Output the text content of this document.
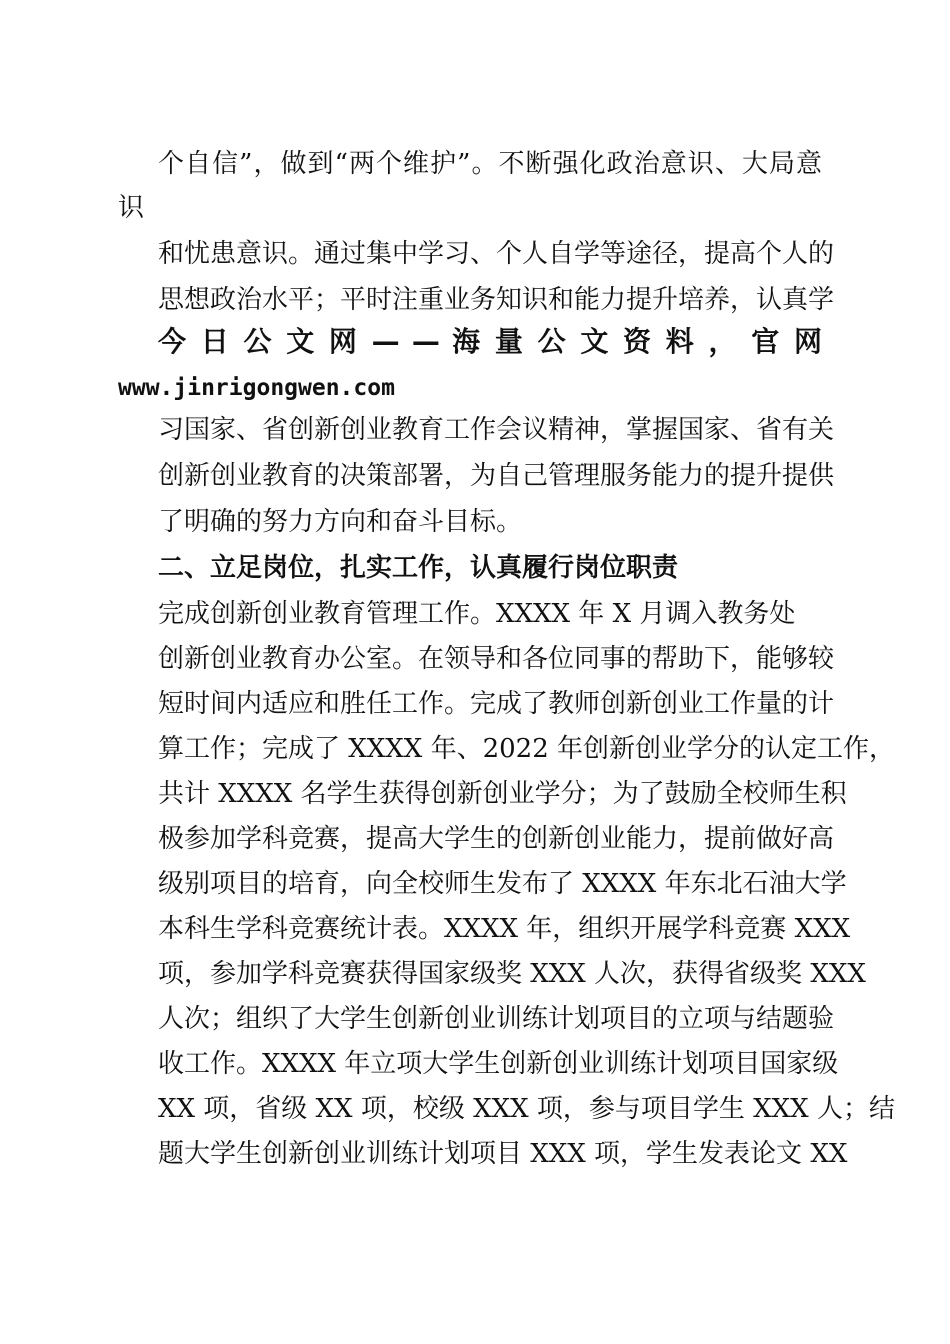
个自信”，做到“两个维护”。不断强化政治意识、大局意
识
和忧患意识。通过集中学习、个人自学等途径，提高个人的
思想政治水平；平时注重业务知识和能力提升培养，认真学
今 日 公 文 网 — — 海 量 公 文 资 料 ， 官 网
www.jinrigongwen.com
习国家、省创新创业教育工作会议精神，掌握国家、省有关
创新创业教育的决策部署，为自己管理服务能力的提升提供
了明确的努力方向和奋斗目标。
二、立足岗位，扎实工作，认真履行岗位职责
完成创新创业教育管理工作。XXXX 年 X 月调入教务处
创新创业教育办公室。在领导和各位同事的帮助下，能够较
短时间内适应和胜任工作。完成了教师创新创业工作量的计
算工作；完成了 XXXX 年、2022 年创新创业学分的认定工作，
共计 XXXX 名学生获得创新创业学分；为了鼓励全校师生积
极参加学科竞赛，提高大学生的创新创业能力，提前做好高
级别项目的培育，向全校师生发布了 XXXX 年东北石油大学
本科生学科竞赛统计表。XXXX 年，组织开展学科竞赛 XXX
项，参加学科竞赛获得国家级奖 XXX 人次，获得省级奖 XXX
人次；组织了大学生创新创业训练计划项目的立项与结题验
收工作。XXXX 年立项大学生创新创业训练计划项目国家级
XX 项，省级 XX 项，校级 XXX 项，参与项目学生 XXX 人；结
题大学生创新创业训练计划项目 XXX 项，学生发表论文 XX
